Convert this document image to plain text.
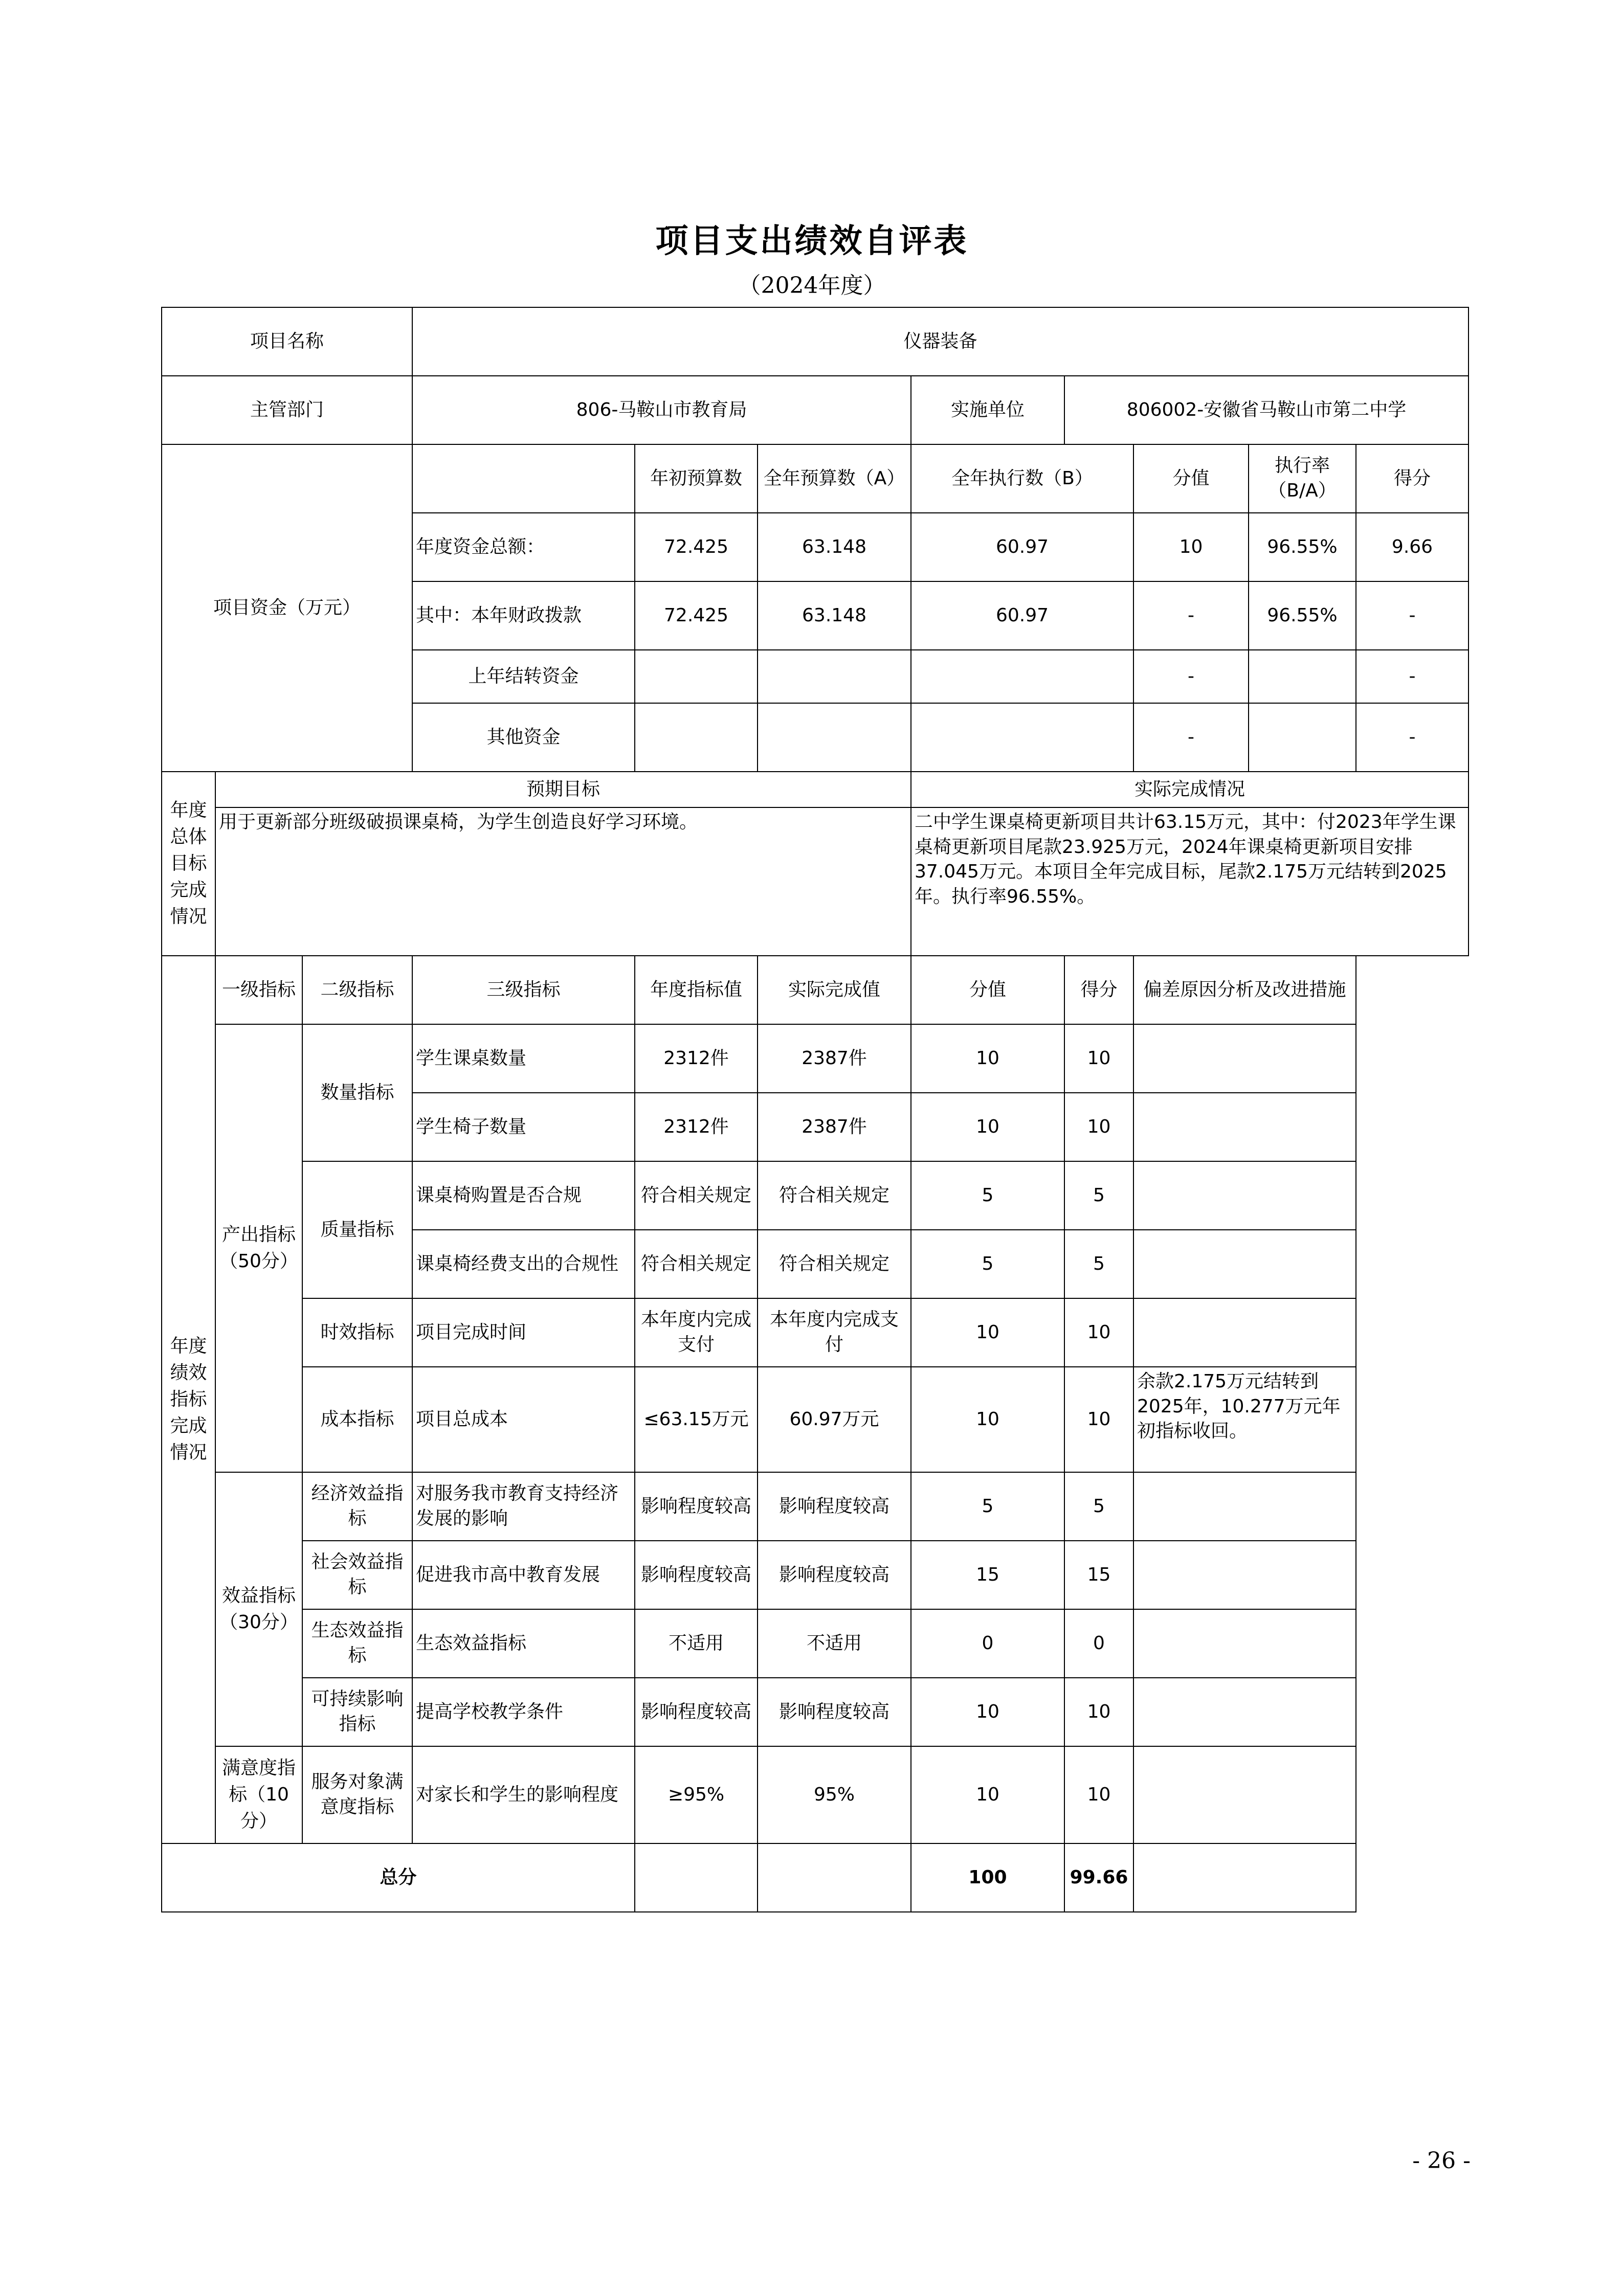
项目支出绩效自评表
（2024年度）
项目名称			仪器装备							
主管部门			806-马鞍山市教育局			实施单位	806002-安徽省马鞍山市第二中学			
项目资金（万元）				年初预算数	全年预算数（A）	全年执行数（B）		分值	执行率（B/A）	得分
			年度资金总额：	72.425	63.148	60.97		10	96.55%	9.66
			其中：本年财政拨款	72.425	63.148	60.97		-	96.55%	-
			上年结转资金					-		-
			其他资金					-		-
年度总体目标完成情况	预期目标					实际完成情况				
	用于更新部分班级破损课桌椅，为学生创造良好学习环境。					二中学生课桌椅更新项目共计63.15万元，其中：付2023年学生课桌椅更新项目尾款23.925万元，2024年课桌椅更新项目安排37.045万元。本项目全年完成目标，尾款2.175万元结转到2025年。执行率96.55%。				
年度绩效指标完成情况	一级指标	二级指标	三级指标	年度指标值	实际完成值	分值	得分	偏差原因分析及改进措施		
	产出指标（50分）	数量指标	学生课桌数量	2312件	2387件	10	10			
			学生椅子数量	2312件	2387件	10	10			
		质量指标	课桌椅购置是否合规	符合相关规定	符合相关规定	5	5			
			课桌椅经费支出的合规性	符合相关规定	符合相关规定	5	5			
		时效指标	项目完成时间	本年度内完成支付	本年度内完成支付	10	10			
		成本指标	项目总成本	≤63.15万元	60.97万元	10	10	余款2.175万元结转到2025年，10.277万元年初指标收回。		
	效益指标（30分）	经济效益指标	对服务我市教育支持经济发展的影响	影响程度较高	影响程度较高	5	5			
		社会效益指标	促进我市高中教育发展	影响程度较高	影响程度较高	15	15			
		生态效益指标	生态效益指标	不适用	不适用	0	0			
		可持续影响指标	提高学校教学条件	影响程度较高	影响程度较高	10	10			
	满意度指标（10分）	服务对象满意度指标	对家长和学生的影响程度	≥95%	95%	10	10			
总分						100	99.66			
- 26 -
